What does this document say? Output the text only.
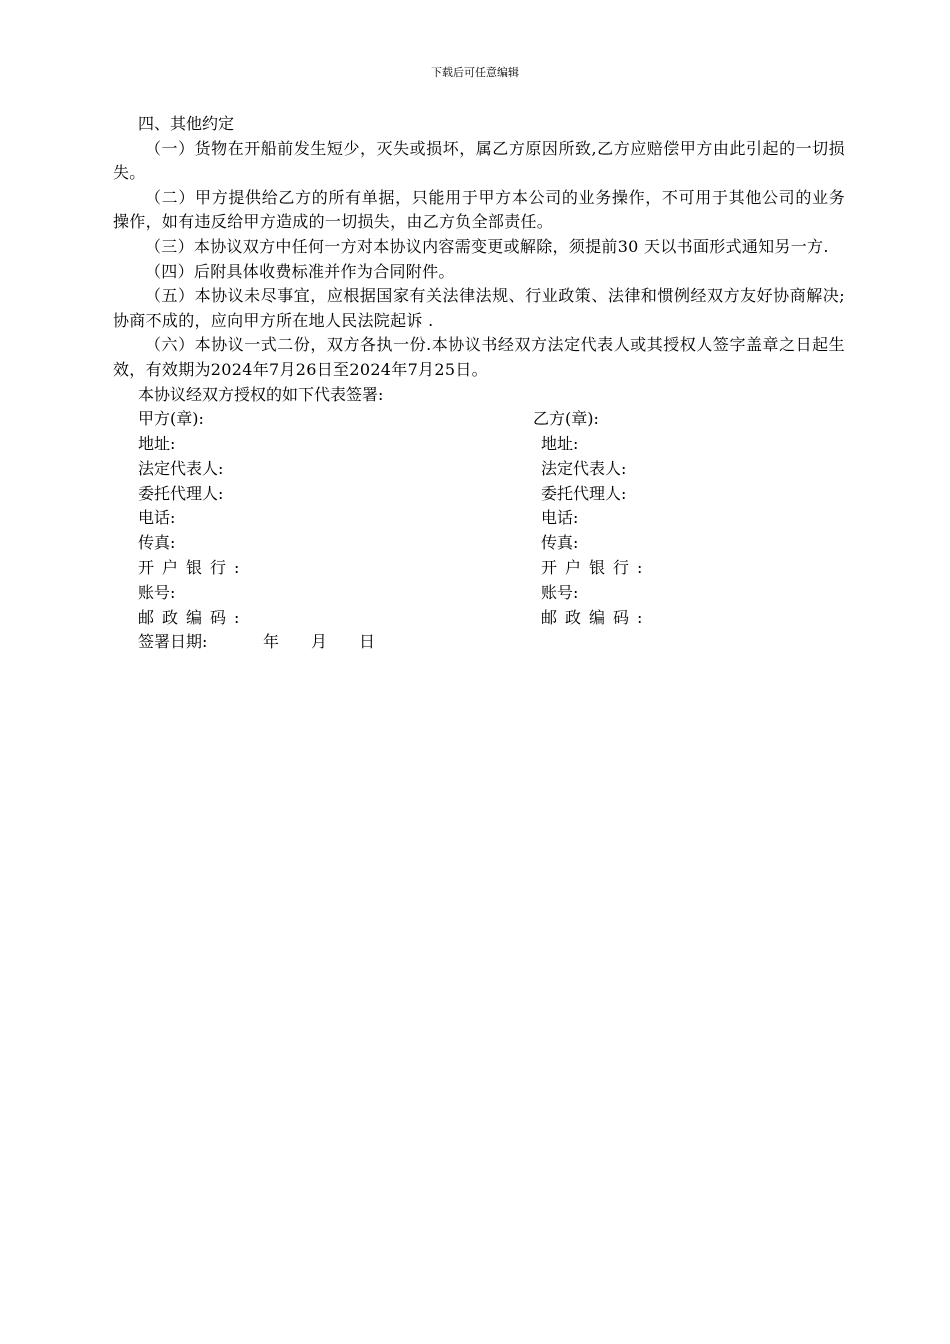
下载后可任意编辑
四、其他约定
（一）货物在开船前发生短少，灭失或损坏，属乙方原因所致,乙方应赔偿甲方由此引起的一切损失。
（二）甲方提供给乙方的所有单据，只能用于甲方本公司的业务操作，不可用于其他公司的业务操作，如有违反给甲方造成的一切损失，由乙方负全部责任。
（三）本协议双方中任何一方对本协议内容需变更或解除，须提前30 天以书面形式通知另一方.
（四）后附具体收费标准并作为合同附件。
（五）本协议未尽事宜，应根据国家有关法律法规、行业政策、法律和惯例经双方友好协商解决;协商不成的，应向甲方所在地人民法院起诉 .
（六）本协议一式二份，双方各执一份.本协议书经双方法定代表人或其授权人签字盖章之日起生效，有效期为2024年7月26日至2024年7月25日。
本协议经双方授权的如下代表签署:
甲方(章):	乙方(章):
地址:	地址:
法定代表人:	法定代表人:
委托代理人:	委托代理人:
电话:	电话:
传真:	传真:
开户银行:	开户银行:
账号:	账号:
邮政编码:	邮政编码:
签署日期:	年 月 日
